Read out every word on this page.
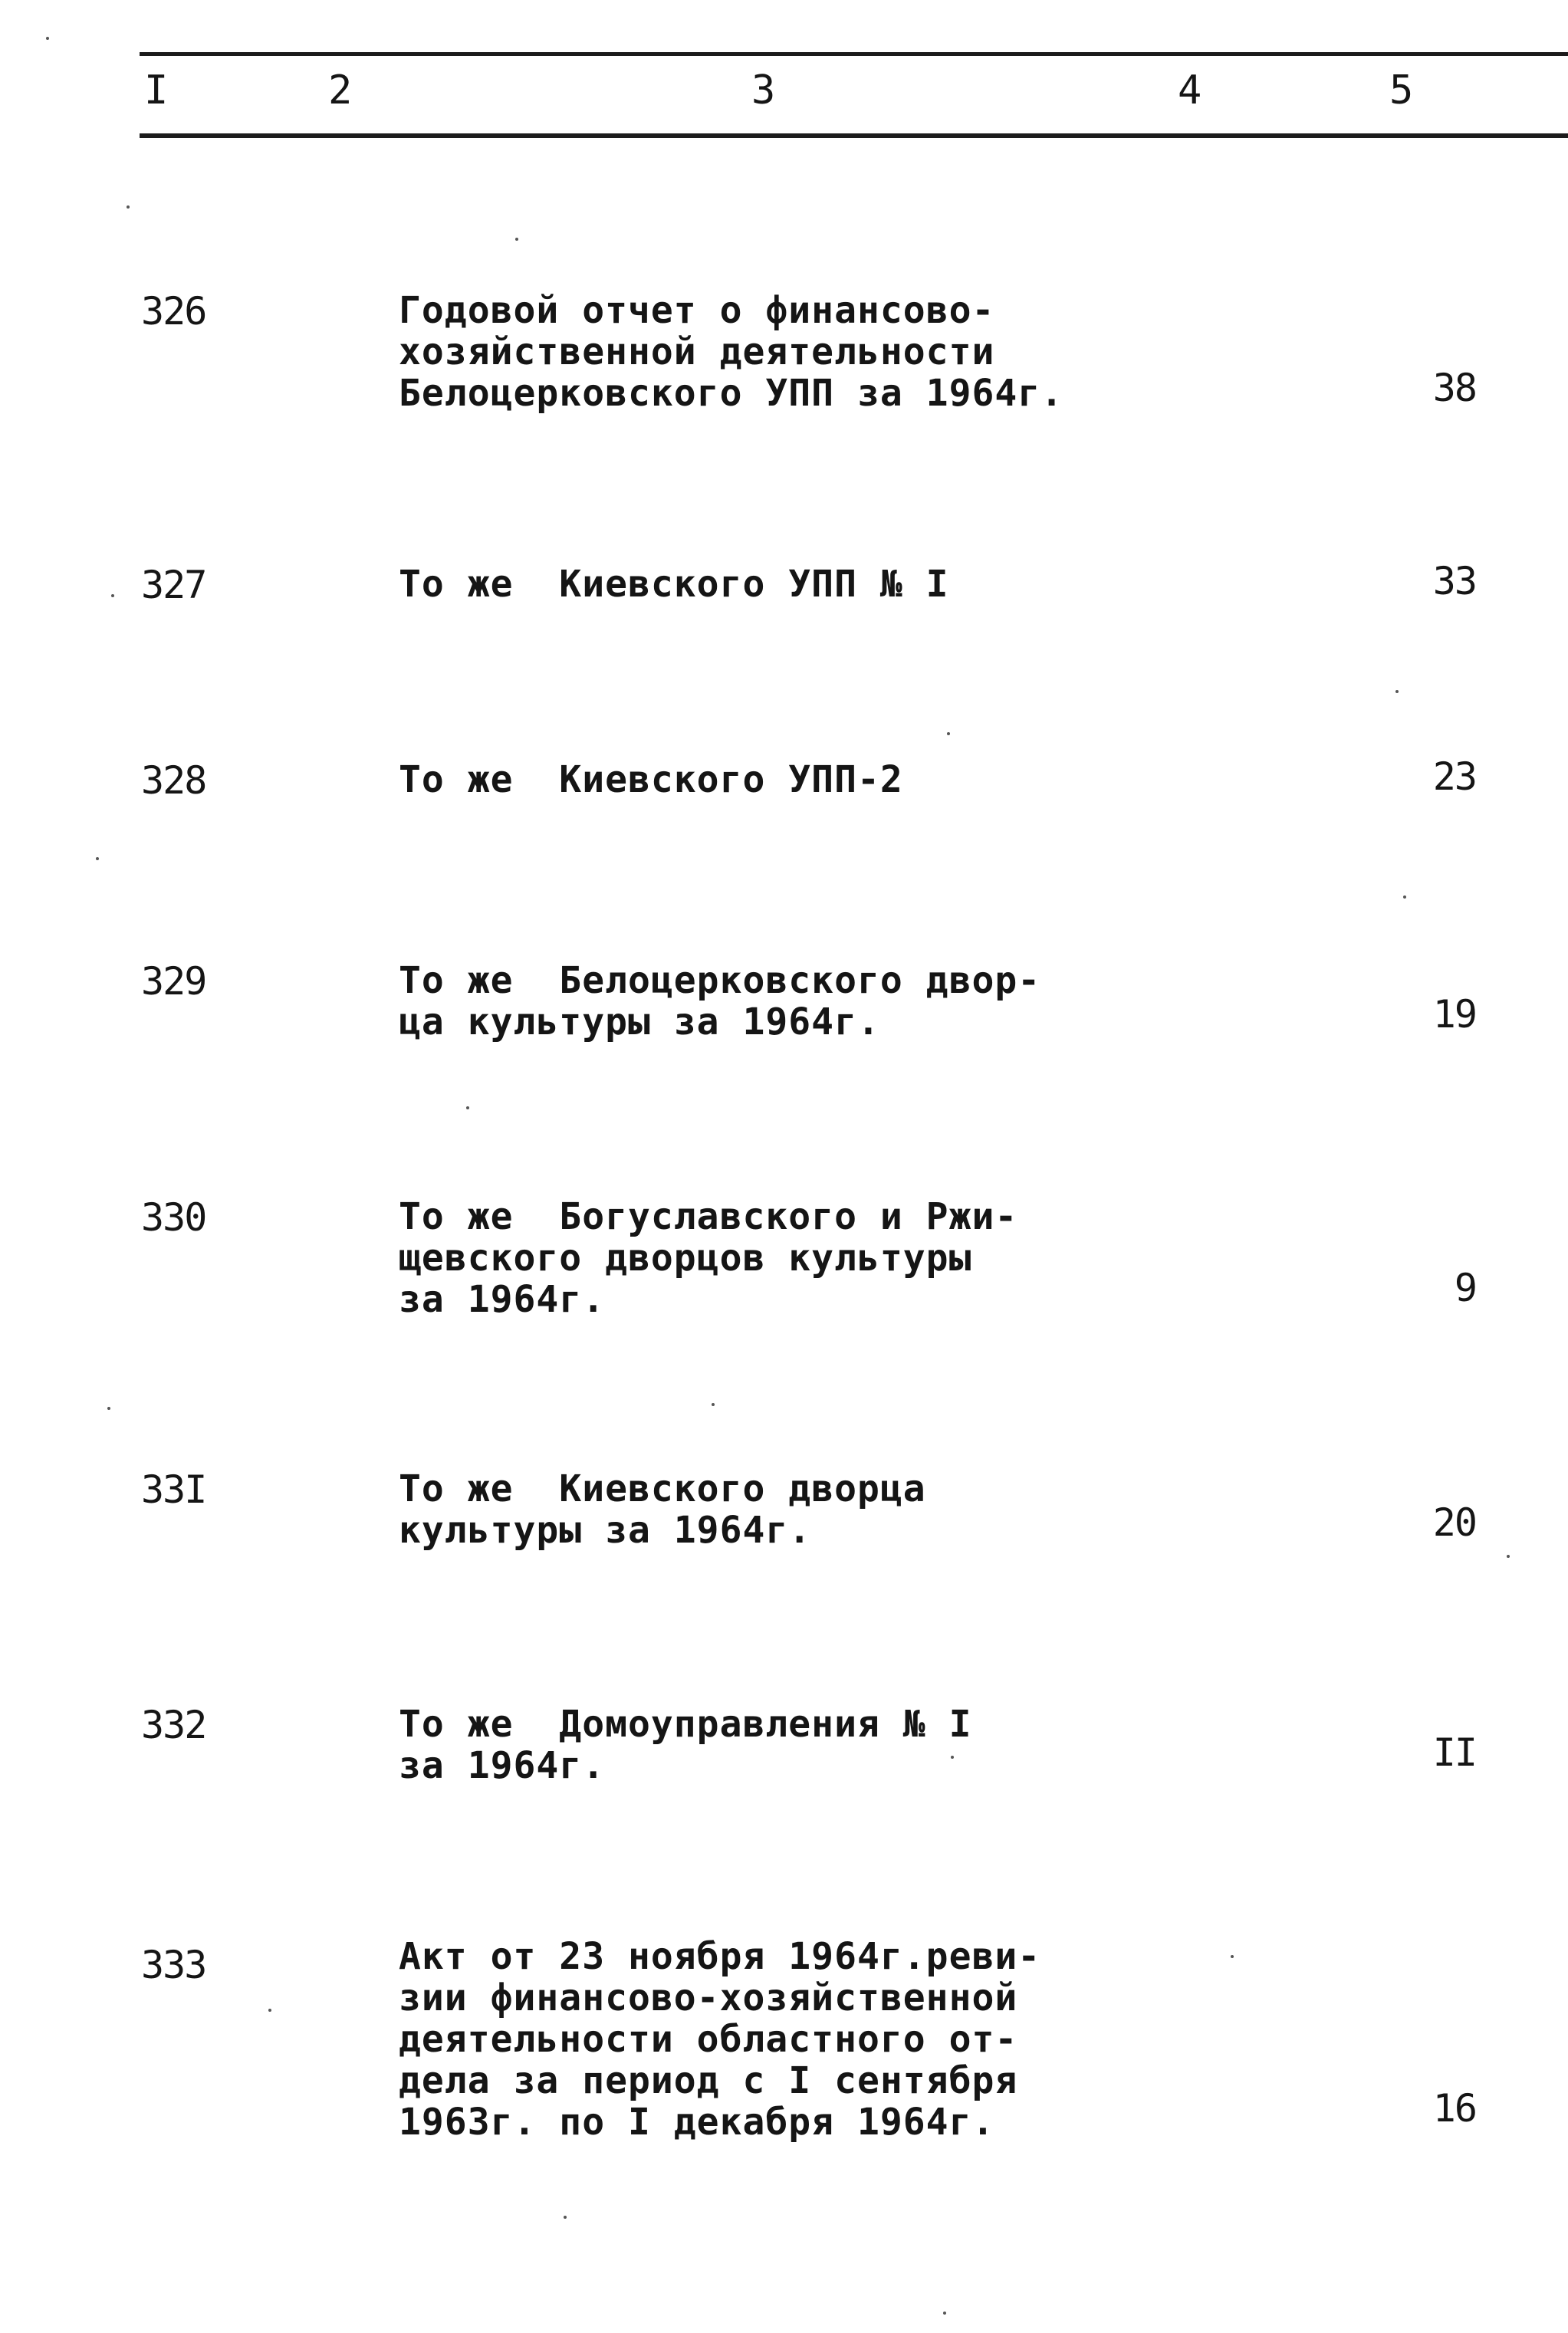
I	2	3	4	5
326	Годовой отчет о финансово-
хозяйственной деятельности
Белоцерковского УПП за 1964г.	38
327	То же  Киевского УПП № I	33
328	То же  Киевского УПП-2	23
329	То же  Белоцерковского двор-
ца культуры за 1964г.	19
330	То же  Богуславского и Ржи-
щевского дворцов культуры
за 1964г.	9
33I	То же  Киевского дворца
культуры за 1964г.	20
332	То же  Домоуправления № I
за 1964г.	II
333	Акт от 23 ноября 1964г.реви-
зии финансово-хозяйственной
деятельности областного от-
дела за период с I сентября
1963г. по I декабря 1964г.	16
